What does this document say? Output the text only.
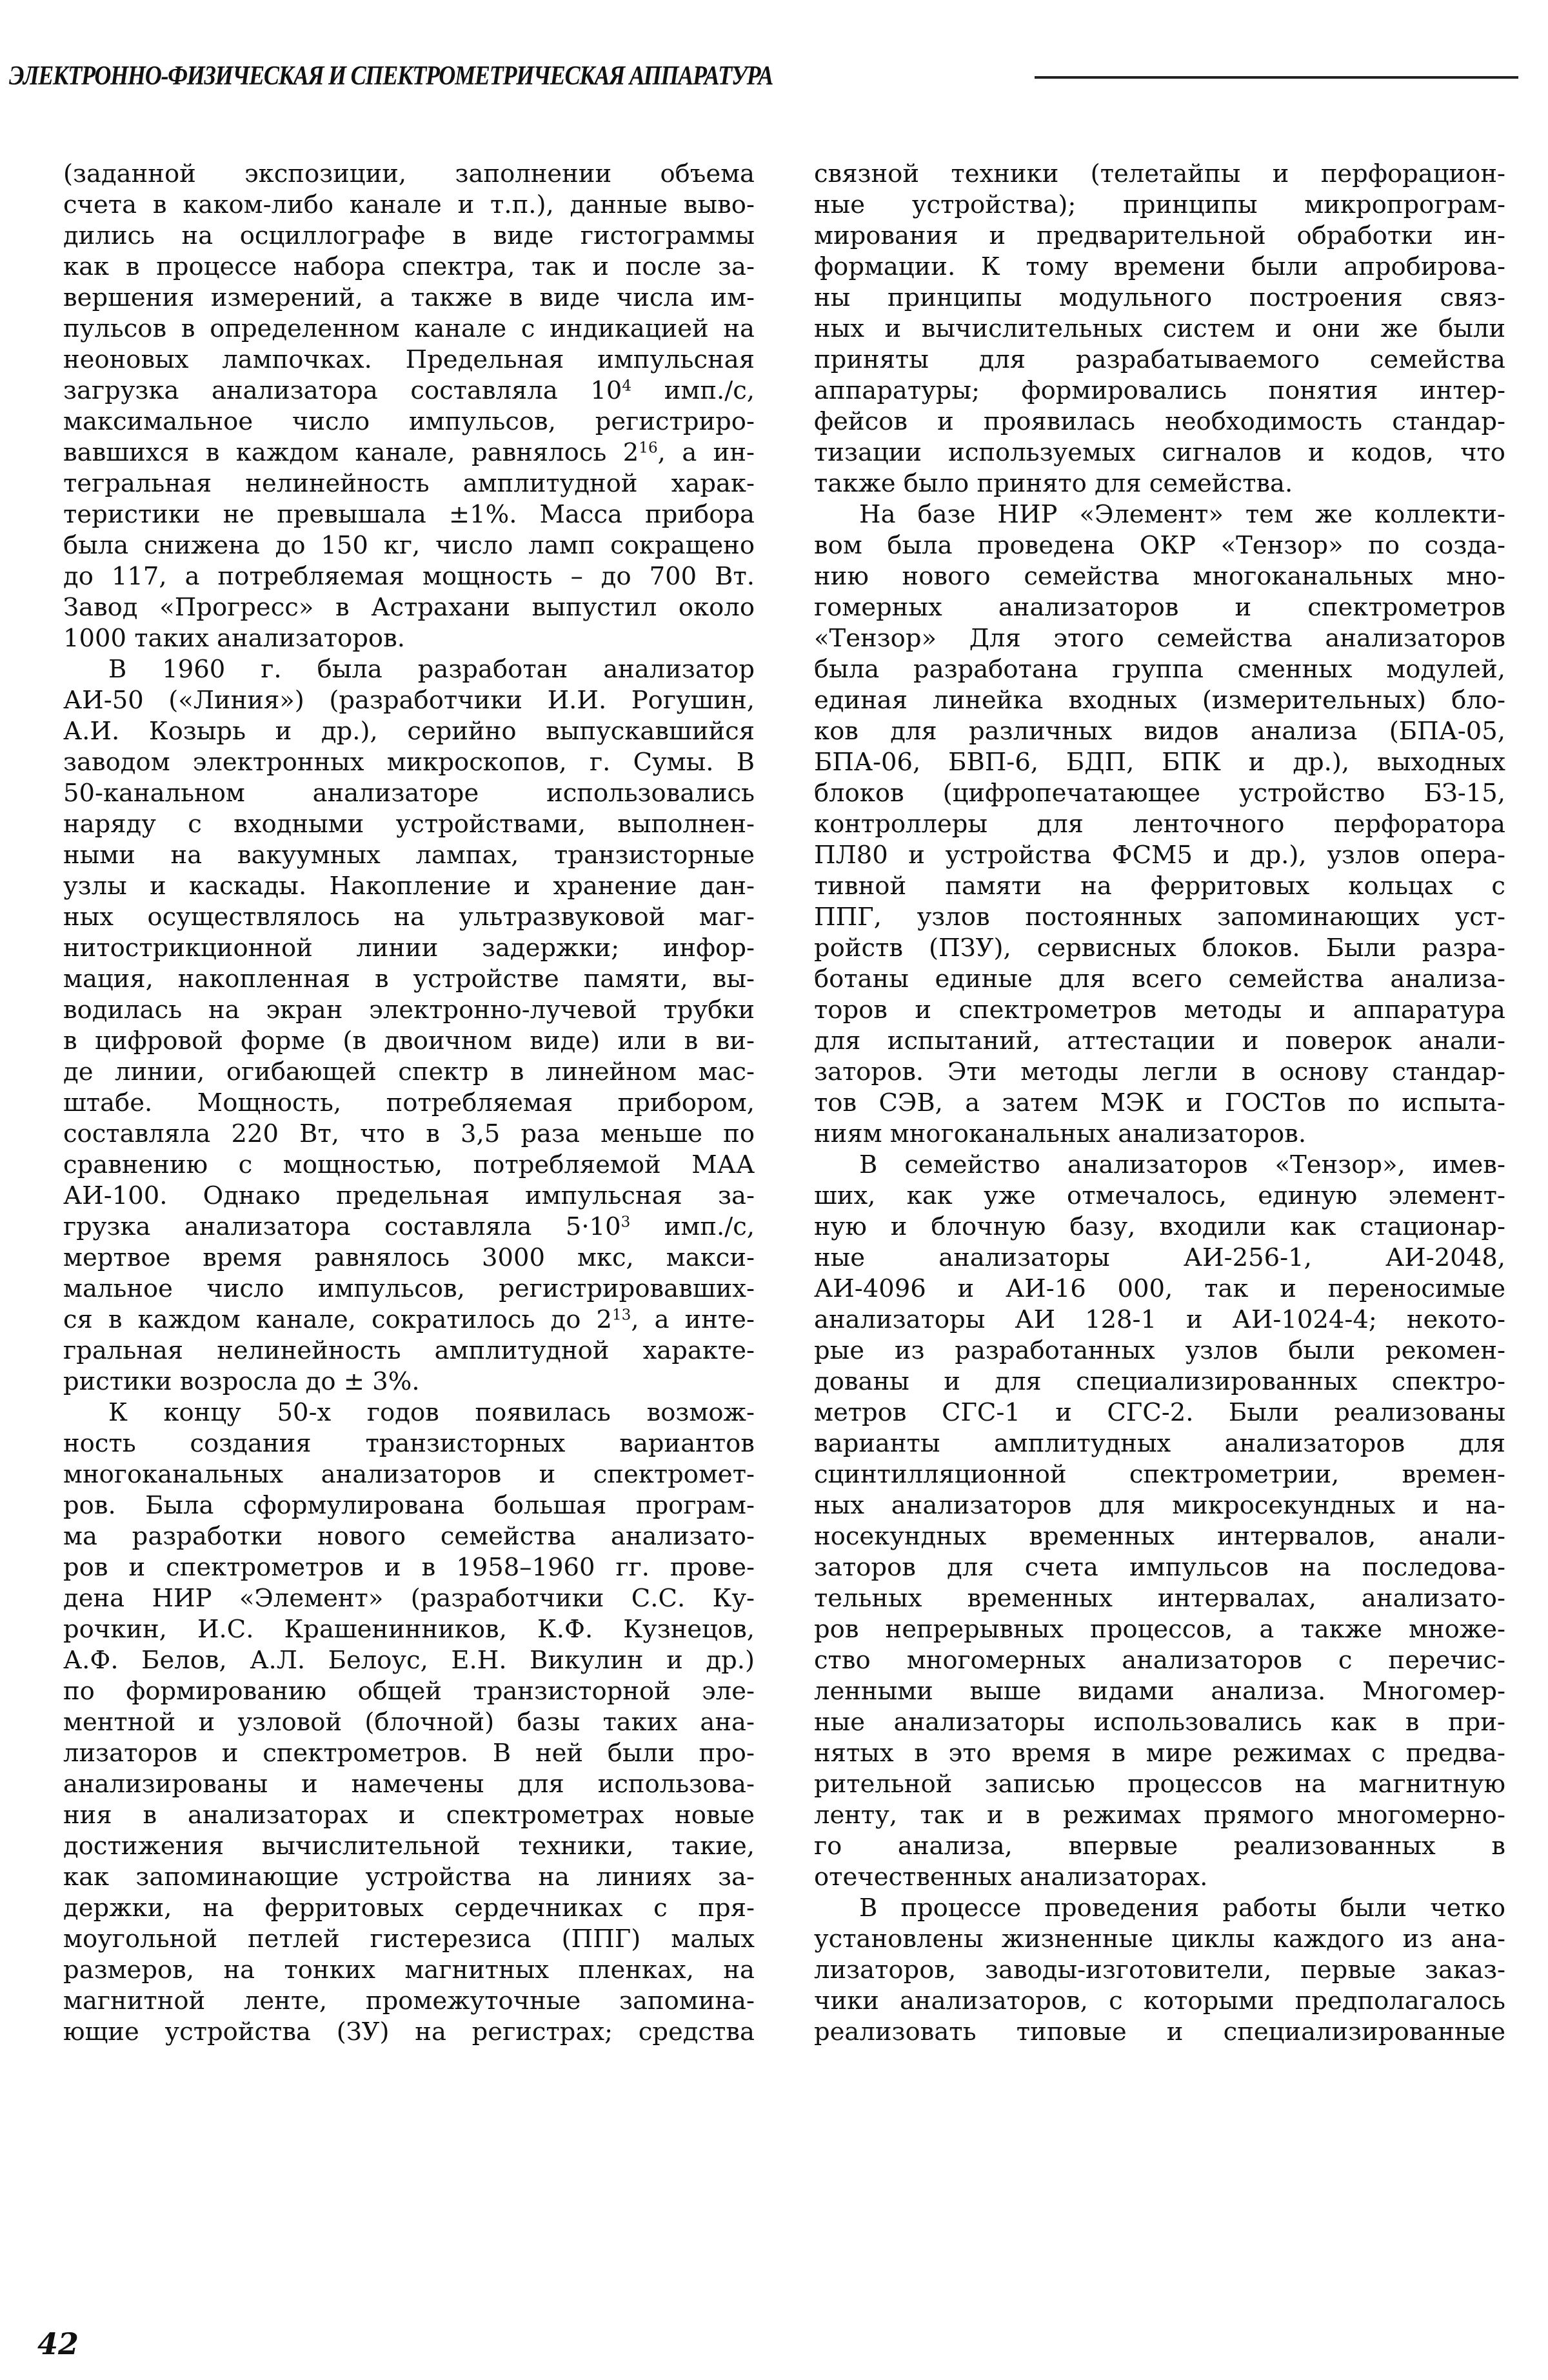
ЭЛЕКТРОННО-ФИЗИЧЕСКАЯ И СПЕКТРОМЕТРИЧЕСКАЯ АППАРАТУРА
(заданной экспозиции, заполнении объема
счета в каком-либо канале и т.п.), данные выво-
дились на осциллографе в виде гистограммы
как в процессе набора спектра, так и после за-
вершения измерений, а также в виде числа им-
пульсов в определенном канале с индикацией на
неоновых лампочках. Предельная импульсная
загрузка анализатора составляла $10^4$ имп./с,
максимальное число импульсов, регистриро-
вавшихся в каждом канале, равнялось $2^{16}$, а ин-
тегральная нелинейность амплитудной харак-
теристики не превышала ±1%. Масса прибора
была снижена до 150 кг, число ламп сокращено
до 117, а потребляемая мощность – до 700 Вт.
Завод «Прогресс» в Астрахани выпустил около
1000 таких анализаторов.
В 1960 г. была разработан анализатор
АИ-50 («Линия») (разработчики И.И. Рогушин,
А.И. Козырь и др.), серийно выпускавшийся
заводом электронных микроскопов, г. Сумы. В
50-канальном анализаторе использовались
наряду с входными устройствами, выполнен-
ными на вакуумных лампах, транзисторные
узлы и каскады. Накопление и хранение дан-
ных осуществлялось на ультразвуковой маг-
нитострикционной линии задержки; инфор-
мация, накопленная в устройстве памяти, вы-
водилась на экран электронно-лучевой трубки
в цифровой форме (в двоичном виде) или в ви-
де линии, огибающей спектр в линейном мас-
штабе. Мощность, потребляемая прибором,
составляла 220 Вт, что в 3,5 раза меньше по
сравнению с мощностью, потребляемой МАА
АИ-100. Однако предельная импульсная за-
грузка анализатора составляла $5\cdot 10^3$ имп./с,
мертвое время равнялось 3000 мкс, макси-
мальное число импульсов, регистрировавших-
ся в каждом канале, сократилось до $2^{13}$, а инте-
гральная нелинейность амплитудной характе-
ристики возросла до ± 3%.
К концу 50-х годов появилась возмож-
ность создания транзисторных вариантов
многоканальных анализаторов и спектромет-
ров. Была сформулирована большая програм-
ма разработки нового семейства анализато-
ров и спектрометров и в 1958–1960 гг. прове-
дена НИР «Элемент» (разработчики С.С. Ку-
рочкин, И.С. Крашенинников, К.Ф. Кузнецов,
А.Ф. Белов, А.Л. Белоус, Е.Н. Викулин и др.)
по формированию общей транзисторной эле-
ментной и узловой (блочной) базы таких ана-
лизаторов и спектрометров. В ней были про-
анализированы и намечены для использова-
ния в анализаторах и спектрометрах новые
достижения вычислительной техники, такие,
как запоминающие устройства на линиях за-
держки, на ферритовых сердечниках с пря-
моугольной петлей гистерезиса (ППГ) малых
размеров, на тонких магнитных пленках, на
магнитной ленте, промежуточные запомина-
ющие устройства (ЗУ) на регистрах; средства
связной техники (телетайпы и перфорацион-
ные устройства); принципы микропрограм-
мирования и предварительной обработки ин-
формации. К тому времени были апробирова-
ны принципы модульного построения связ-
ных и вычислительных систем и они же были
приняты для разрабатываемого семейства
аппаратуры; формировались понятия интер-
фейсов и проявилась необходимость стандар-
тизации используемых сигналов и кодов, что
также было принято для семейства.
На базе НИР «Элемент» тем же коллекти-
вом была проведена ОКР «Тензор» по созда-
нию нового семейства многоканальных мно-
гомерных анализаторов и спектрометров
«Тензор» Для этого семейства анализаторов
была разработана группа сменных модулей,
единая линейка входных (измерительных) бло-
ков для различных видов анализа (БПА-05,
БПА-06, БВП-6, БДП, БПК и др.), выходных
блоков (цифропечатающее устройство БЗ-15,
контроллеры для ленточного перфоратора
ПЛ80 и устройства ФСМ5 и др.), узлов опера-
тивной памяти на ферритовых кольцах с
ППГ, узлов постоянных запоминающих уст-
ройств (ПЗУ), сервисных блоков. Были разра-
ботаны единые для всего семейства анализа-
торов и спектрометров методы и аппаратура
для испытаний, аттестации и поверок анали-
заторов. Эти методы легли в основу стандар-
тов СЭВ, а затем МЭК и ГОСТов по испыта-
ниям многоканальных анализаторов.
В семейство анализаторов «Тензор», имев-
ших, как уже отмечалось, единую элемент-
ную и блочную базу, входили как стационар-
ные анализаторы АИ-256-1, АИ-2048,
АИ-4096 и АИ-16 000, так и переносимые
анализаторы АИ 128-1 и АИ-1024-4; некото-
рые из разработанных узлов были рекомен-
дованы и для специализированных спектро-
метров СГС-1 и СГС-2. Были реализованы
варианты амплитудных анализаторов для
сцинтилляционной спектрометрии, времен-
ных анализаторов для микросекундных и на-
носекундных временных интервалов, анали-
заторов для счета импульсов на последова-
тельных временных интервалах, анализато-
ров непрерывных процессов, а также множе-
ство многомерных анализаторов с перечис-
ленными выше видами анализа. Многомер-
ные анализаторы использовались как в при-
нятых в это время в мире режимах с предва-
рительной записью процессов на магнитную
ленту, так и в режимах прямого многомерно-
го анализа, впервые реализованных в
отечественных анализаторах.
В процессе проведения работы были четко
установлены жизненные циклы каждого из ана-
лизаторов, заводы-изготовители, первые заказ-
чики анализаторов, с которыми предполагалось
реализовать типовые и специализированные
42
